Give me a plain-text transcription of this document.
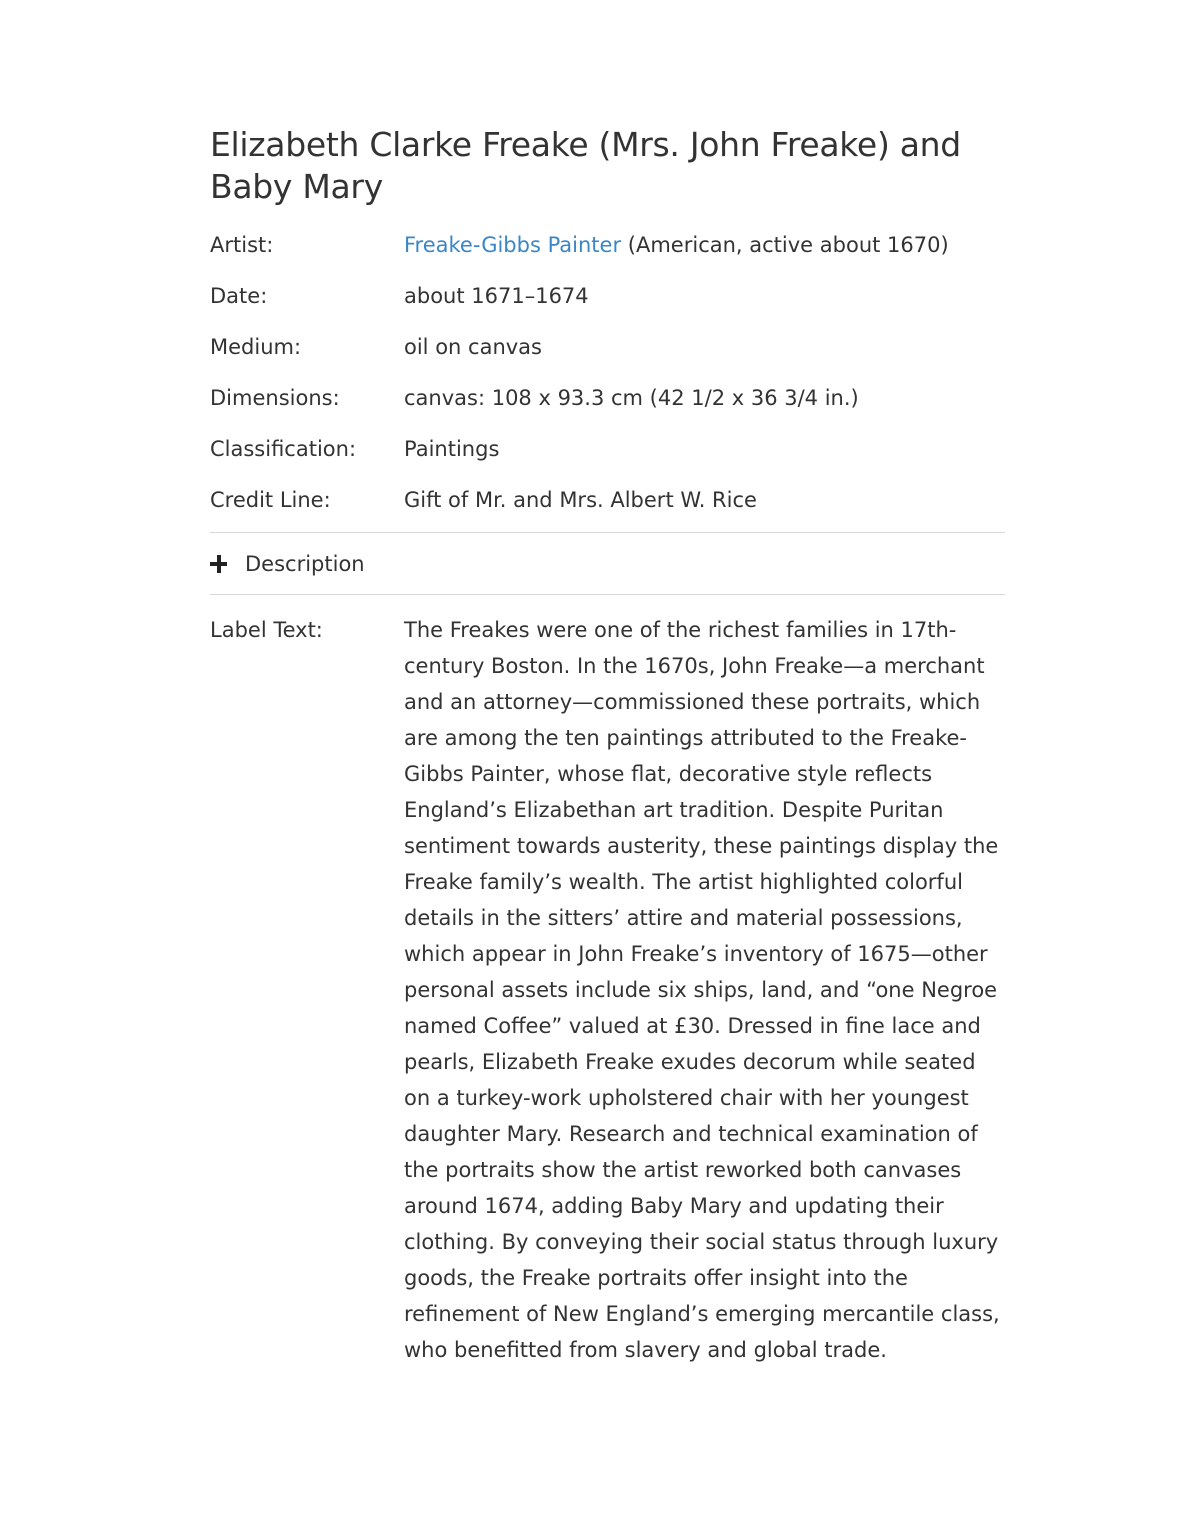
Elizabeth Clarke Freake (Mrs. John Freake) and Baby Mary
Artist:	Freake-Gibbs Painter (American, active about 1670)
Date:	about 1671–1674
Medium:	oil on canvas
Dimensions:	canvas: 108 x 93.3 cm (42 1/2 x 36 3/4 in.)
Classification:	Paintings
Credit Line:	Gift of Mr. and Mrs. Albert W. Rice
Description
Label Text:	The Freakes were one of the richest families in 17th-century Boston. In the 1670s, John Freake—a merchant and an attorney—commissioned these portraits, which are among the ten paintings attributed to the Freake-Gibbs Painter, whose flat, decorative style reflects England’s Elizabethan art tradition. Despite Puritan sentiment towards austerity, these paintings display the Freake family’s wealth. The artist highlighted colorful details in the sitters’ attire and material possessions, which appear in John Freake’s inventory of 1675—other personal assets include six ships, land, and “one Negroe named Coffee” valued at £30. Dressed in fine lace and pearls, Elizabeth Freake exudes decorum while seated on a turkey-work upholstered chair with her youngest daughter Mary. Research and technical examination of the portraits show the artist reworked both canvases around 1674, adding Baby Mary and updating their clothing. By conveying their social status through luxury goods, the Freake portraits offer insight into the refinement of New England’s emerging mercantile class, who benefitted from slavery and global trade.
